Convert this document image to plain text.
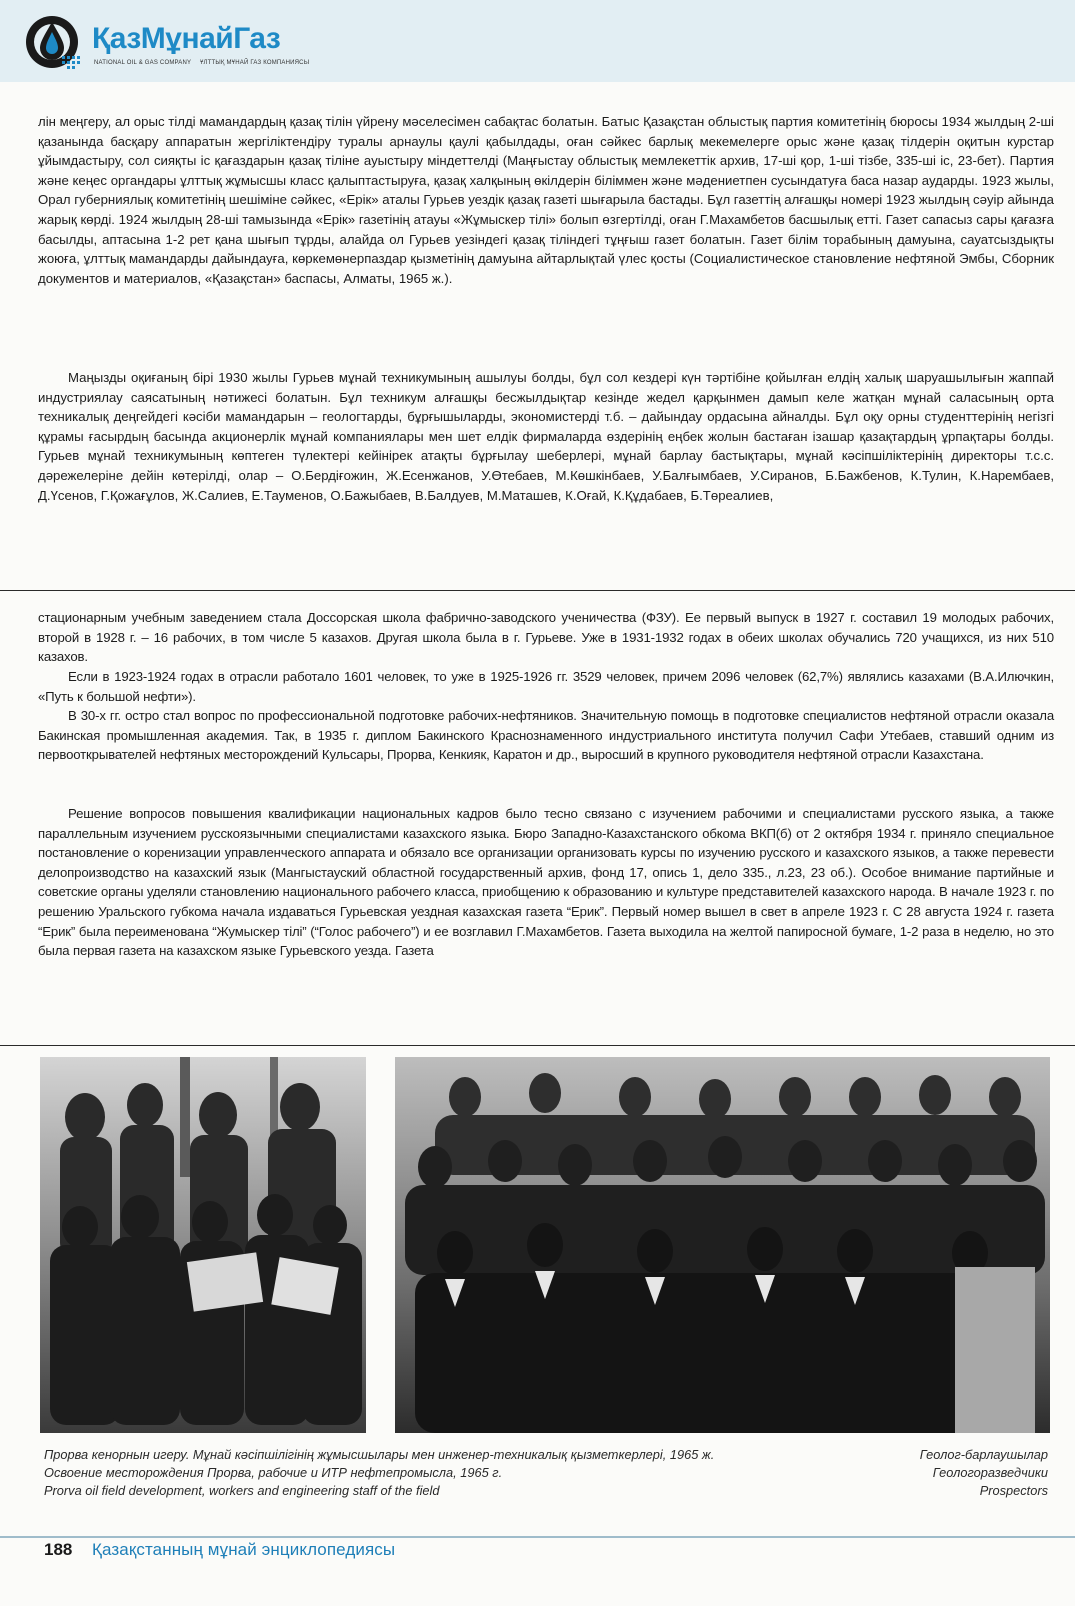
ҚазМұнайГаз
NATIONAL OIL & GAS COMPANY ҰЛТТЫҚ МҰНАЙ ГАЗ КОМПАНИЯСЫ

лін меңгеру, ал орыс тілді мамандардың қазақ тілін үйрену мәселесімен сабақтас болатын. Батыс Қазақстан облыстық партия комитетінің бюросы 1934 жылдың 2-ші қазанында басқару аппаратын жергіліктендіру туралы арнаулы қаулі қабылдады, оған сәйкес барлық мекемелерге орыс және қазақ тілдерін оқитын курстар ұйымдастыру, сол сияқты іс қағаздарын қазақ тіліне ауыстыру міндеттелді (Маңғыстау облыстық мемлекеттік архив, 17-ші қор, 1-ші тізбе, 335-ші іс, 23-бет). Партия және кеңес органдары ұлттық жұмысшы класс қалыптастыруға, қазақ халқының өкілдерін біліммен және мәдениетпен сусындатуға баса назар аударды. 1923 жылы, Орал губерниялық комитетінің шешіміне сәйкес, «Ерік» аталы Гурьев уездік қазақ газеті шығарыла бастады. Бұл газеттің алғашқы номері 1923 жылдың сәуір айында жарық көрді. 1924 жылдың 28-ші тамызында «Ерік» газетінің атауы «Жұмыскер тілі» болып өзгертілді, оған Г.Махамбетов басшылық етті. Газет сапасыз сары қағазға басылды, аптасына 1-2 рет қана шығып тұрды, алайда ол Гурьев уезіндегі қазақ тіліндегі тұңғыш газет болатын. Газет білім торабының дамуына, сауатсыздықты жоюға, ұлттық мамандарды дайындауға, көркемөнерпаздар қызметінің дамуына айтарлықтай үлес қосты (Социалистическое становление нефтяной Эмбы, Сборник документов и материалов, «Қазақстан» баспасы, Алматы, 1965 ж.).

Маңызды оқиғаның бірі 1930 жылы Гурьев мұнай техникумының ашылуы болды, бұл сол кездері күн тәртібіне қойылған елдің халық шаруашылығын жаппай индустриялау саясатының нәтижесі болатын. Бұл техникум алғашқы бесжылдықтар кезінде жедел қарқынмен дамып келе жатқан мұнай саласының орта техникалық деңгейдегі кәсіби мамандарын – геологтарды, бұрғышыларды, экономистерді т.б. – дайындау ордасына айналды. Бұл оқу орны студенттерінің негізгі құрамы ғасырдың басында акционерлік мұнай компаниялары мен шет елдік фирмаларда өздерінің еңбек жолын бастаған ізашар қазақтардың ұрпақтары болды. Гурьев мұнай техникумының көптеген түлектері кейінірек атақты бұрғылау шеберлері, мұнай барлау бастықтары, мұнай кәсіпшіліктерінің директоры т.с.с. дәрежелеріне дейін көтерілді, олар – О.Бердіғожин, Ж.Есенжанов, У.Өтебаев, М.Көшкінбаев, У.Балғымбаев, У.Сиранов, Б.Бажбенов, К.Тулин, К.Нарембаев, Д.Үсенов, Г.Қожағұлов, Ж.Салиев, Е.Тауменов, О.Бажыбаев, В.Балдуев, М.Маташев, К.Оғай, К.Құдабаев, Б.Төреалиев,

стационарным учебным заведением стала Доссорская школа фабрично-заводского ученичества (ФЗУ). Ее первый выпуск в 1927 г. составил 19 молодых рабочих, второй в 1928 г. – 16 рабочих, в том числе 5 казахов. Другая школа была в г. Гурьеве. Уже в 1931-1932 годах в обеих школах обучались 720 учащихся, из них 510 казахов.

Если в 1923-1924 годах в отрасли работало 1601 человек, то уже в 1925-1926 гг. 3529 человек, причем 2096 человек (62,7%) являлись казахами (В.А.Илючкин, «Путь к большой нефти»).

В 30-х гг. остро стал вопрос по профессиональной подготовке рабочих-нефтяников. Значительную помощь в подготовке специалистов нефтяной отрасли оказала Бакинская промышленная академия. Так, в 1935 г. диплом Бакинского Краснознаменного индустриального института получил Сафи Утебаев, ставший одним из первооткрывателей нефтяных месторождений Кульсары, Прорва, Кенкияк, Каратон и др., выросший в крупного руководителя нефтяной отрасли Казахстана.

Решение вопросов повышения квалификации национальных кадров было тесно связано с изучением рабочими и специалистами русского языка, а также параллельным изучением русскоязычными специалистами казахского языка. Бюро Западно-Казахстанского обкома ВКП(б) от 2 октября 1934 г. приняло специальное постановление о коренизации управленческого аппарата и обязало все организации организовать курсы по изучению русского и казахского языков, а также перевести делопроизводство на казахский язык (Мангыстауский областной государственный архив, фонд 17, опись 1, дело 335., л.23, 23 об.). Особое внимание партийные и советские органы уделяли становлению национального рабочего класса, приобщению к образованию и культуре представителей казахского народа. В начале 1923 г. по решению Уральского губкома начала издаваться Гурьевская уездная казахская газета “Ерик”. Первый номер вышел в свет в апреле 1923 г. С 28 августа 1924 г. газета “Ерик” была переименована “Жумыскер тілі” (“Голос рабочего”) и ее возглавил Г.Махамбетов. Газета выходила на желтой папиросной бумаге, 1-2 раза в неделю, но это была первая газета на казахском языке Гурьевского уезда. Газета

Прорва кенорнын игеру. Мұнай кәсіпшілігінің жұмысшылары мен инженер-техникалық қызметкерлері, 1965 ж.
Освоение месторождения Прорва, рабочие и ИТР нефтепромысла, 1965 г.
Prorva oil field development, workers and engineering staff of the field
Геолог-барлаушылар
Геологоразведчики
Prospectors
188 Қазақстанның мұнай энциклопедиясы
